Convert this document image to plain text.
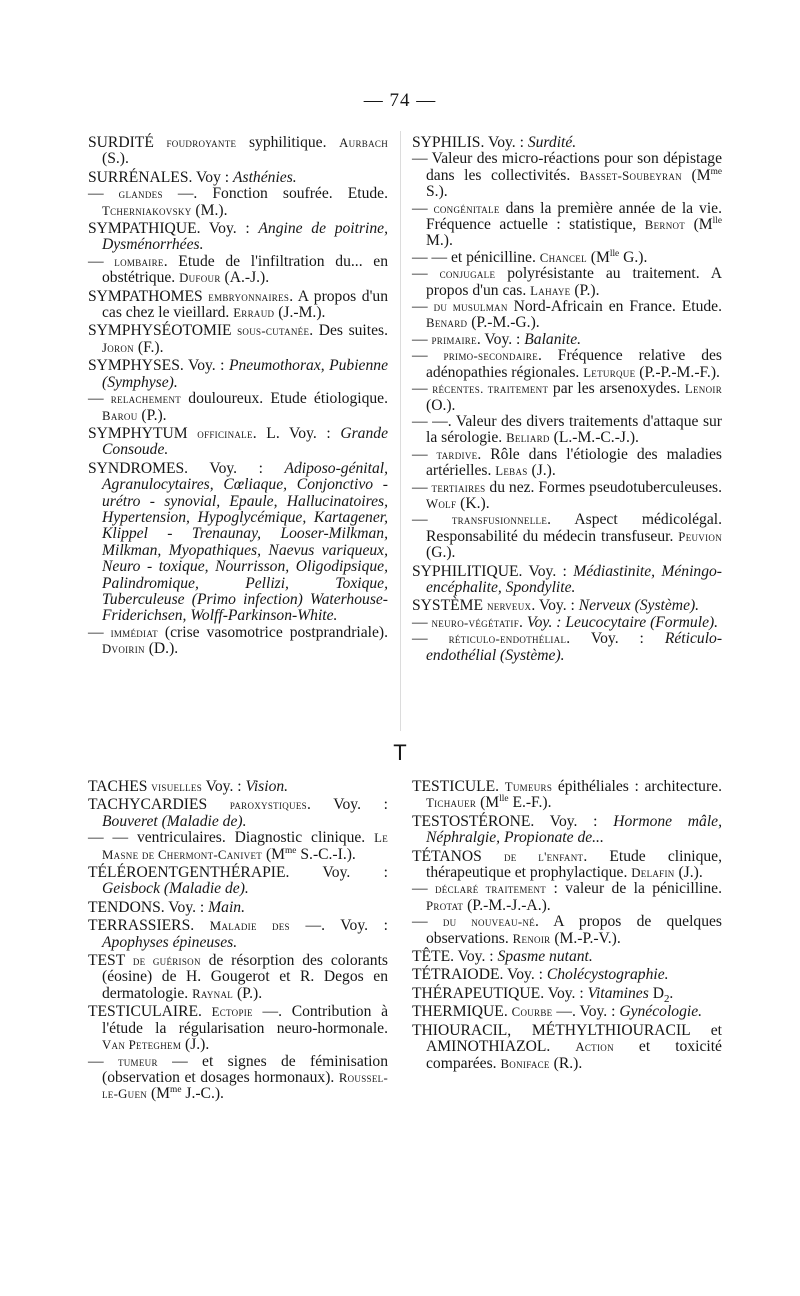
— 74 —

SURDITÉ foudroyante syphilitique. Aurbach (S.).

SURRÉNALES. Voy : Asthénies.

— glandes —. Fonction soufrée. Etude. Tcherniakovsky (M.).

SYMPATHIQUE. Voy. : Angine de poitrine, Dysménorrhées.

— lombaire. Etude de l'infiltration du... en obstétrique. Dufour (A.-J.).

SYMPATHOMES embryonnaires. A propos d'un cas chez le vieillard. Erraud (J.-M.).

SYMPHYSÉOTOMIE sous-cutanée. Des suites. Joron (F.).

SYMPHYSES. Voy. : Pneumothorax, Pubienne (Symphyse).

— relachement douloureux. Etude étiologique. Barou (P.).

SYMPHYTUM officinale. L. Voy. : Grande Consoude.

SYNDROMES. Voy. : Adiposo-génital, Agranulocytaires, Cœliaque, Conjonctivo - urétro - synovial, Epaule, Hallucinatoires, Hypertension, Hypoglycémique, Kartagener, Klippel - Trenaunay, Looser-Milkman, Milkman, Myopathiques, Naevus variqueux, Neuro - toxique, Nourrisson, Oligodipsique, Palindromique, Pellizi, Toxique, Tuberculeuse (Primo infection) Waterhouse-Friderichsen, Wolff-Parkinson-White.

— immédiat (crise vasomotrice postprandriale). Dvoirin (D.).

SYPHILIS. Voy. : Surdité.

— Valeur des micro-réactions pour son dépistage dans les collectivités. Basset-Soubeyran ($M^{me}$ S.).

— congénitale dans la première année de la vie. Fréquence actuelle : statistique, Bernot ($M^{lle}$ M.).

— — et pénicilline. Chancel ($M^{lle}$ G.).

— conjugale polyrésistante au traitement. A propos d'un cas. Lahaye (P.).

— du musulman Nord-Africain en France. Etude. Benard (P.-M.-G.).

— primaire. Voy. : Balanite.

— primo-secondaire. Fréquence relative des adénopathies régionales. Leturque (P.-P.-M.-F.).

— récentes. traitement par les arsenoxydes. Lenoir (O.).

— —. Valeur des divers traitements d'attaque sur la sérologie. Beliard (L.-M.-C.-J.).

— tardive. Rôle dans l'étiologie des maladies artérielles. Lebas (J.).

— tertiaires du nez. Formes pseudotuberculeuses. Wolf (K.).

— transfusionnelle. Aspect médicolégal. Responsabilité du médecin transfuseur. Peuvion (G.).

SYPHILITIQUE. Voy. : Médiastinite, Méningo-encéphalite, Spondylite.

SYSTÈME nerveux. Voy. : Nerveux (Système).

— neuro-végétatif. Voy. : Leucocytaire (Formule).

— réticulo-endothélial. Voy. : Réticulo-endothélial (Système).

T

TACHES visuelles Voy. : Vision.

TACHYCARDIES paroxystiques. Voy. : Bouveret (Maladie de).

— — ventriculaires. Diagnostic clinique. Le Masne de Chermont-Canivet ($M^{me}$ S.-C.-I.).

TÉLÉROENTGENTHÉRAPIE. Voy. : Geisbock (Maladie de).

TENDONS. Voy. : Main.

TERRASSIERS. Maladie des —. Voy. : Apophyses épineuses.

TEST de guérison de résorption des colorants (éosine) de H. Gougerot et R. Degos en dermatologie. Raynal (P.).

TESTICULAIRE. Ectopie —. Contribution à l'étude la régularisation neuro-hormonale. Van Peteghem (J.).

— tumeur — et signes de féminisation (observation et dosages hormonaux). Roussel-le-Guen ($M^{me}$ J.-C.).

TESTICULE. Tumeurs épithéliales : architecture. Tichauer ($M^{lle}$ E.-F.).

TESTOSTÉRONE. Voy. : Hormone mâle, Néphralgie, Propionate de...

TÉTANOS de l'enfant. Etude clinique, thérapeutique et prophylactique. Delafin (J.).

— déclaré traitement : valeur de la pénicilline. Protat (P.-M.-J.-A.).

— du nouveau-né. A propos de quelques observations. Renoir (M.-P.-V.).

TÊTE. Voy. : Spasme nutant.

TÉTRAIODE. Voy. : Cholécystographie.

THÉRAPEUTIQUE. Voy. : Vitamines $D_2$.

THERMIQUE. Courbe —. Voy. : Gynécologie.

THIOURACIL, MÉTHYLTHIOURACIL et AMINOTHIAZOL. Action et toxicité comparées. Boniface (R.).
